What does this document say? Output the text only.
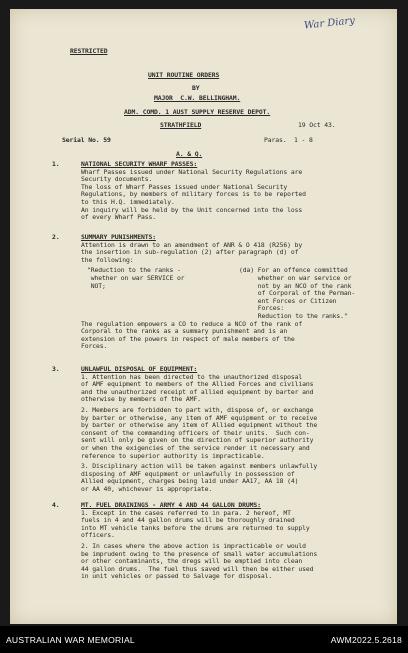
War Diary
RESTRICTED
UNIT ROUTINE ORDERS
BY
MAJOR  C.W. BELLINGHAM.
ADM. COMD. 1 AUST SUPPLY RESERVE DEPOT.
STRATHFIELD	19 Oct 43.
Serial No. 59	Paras.  1 - 8
A. & Q.
1.	NATIONAL SECURITY WHARF PASSES:
Wharf Passes issued under National Security Regulations are
Security documents.
The loss of Wharf Passes issued under National Security
Regulations, by members of military forces is to be reported
to this H.Q. immediately.
An inquiry will be held by the Unit concerned into the loss
of every Wharf Pass.
2.	SUMMARY PUNISHMENTS:
Attention is drawn to an amendment of ANR & O 418 (R256) by
the insertion in sub-regulation (2) after paragraph (d) of
the following:
"Reduction to the ranks -
whether on war SERVICE or
NOT;
(da) For an offence committed
whether on war service or
not by an NCO of the rank
of Corporal of the Perman-
ent Forces or Citizen
Forces:
Reduction to the ranks."
The regulation empowers a CO to reduce a NCO of the rank of
Corporal to the ranks as a summary punishment and is an
extension of the powers in respect of male members of the
Forces.
3.	UNLAWFUL DISPOSAL OF EQUIPMENT:
1. Attention has been directed to the unauthorized disposal
of AMF equipment to members of the Allied Forces and civilians
and the unauthorized receipt of allied equipment by barter and
otherwise by members of the AMF.
2. Members are forbidden to part with, dispose of, or exchange
by barter or otherwise, any item of AMF equipment or to receive
by barter or otherwise any item of Allied equipment without the
consent of the commanding officers of their units.  Such con-
sent will only be given on the direction of superior authority
or when the exigencies of the service render it necessary and
reference to superior authority is impracticable.
3. Disciplinary action will be taken against members unlawfully
disposing of AMF equipment or unlawfully in possession of
Allied equipment, charges being laid under AA17, AA 18 (4)
or AA 40, whichever is appropriate.
4.	MT. FUEL DRAININGS - ARMY 4 AND 44 GALLON DRUMS:
1. Except in the cases referred to in para. 2 hereof, MT
fuels in 4 and 44 gallon drums will be thoroughly drained
into MT vehicle tanks before the drums are returned to supply
officers.
2. In cases where the above action is impracticable or would
be imprudent owing to the presence of small water accumulations
or other contaminants, the dregs will be emptied into clean
44 gallon drums.  The fuel thus saved will then be either used
in unit vehicles or passed to Salvage for disposal.
AUSTRALIAN WAR MEMORIAL	AWM2022.5.2618
